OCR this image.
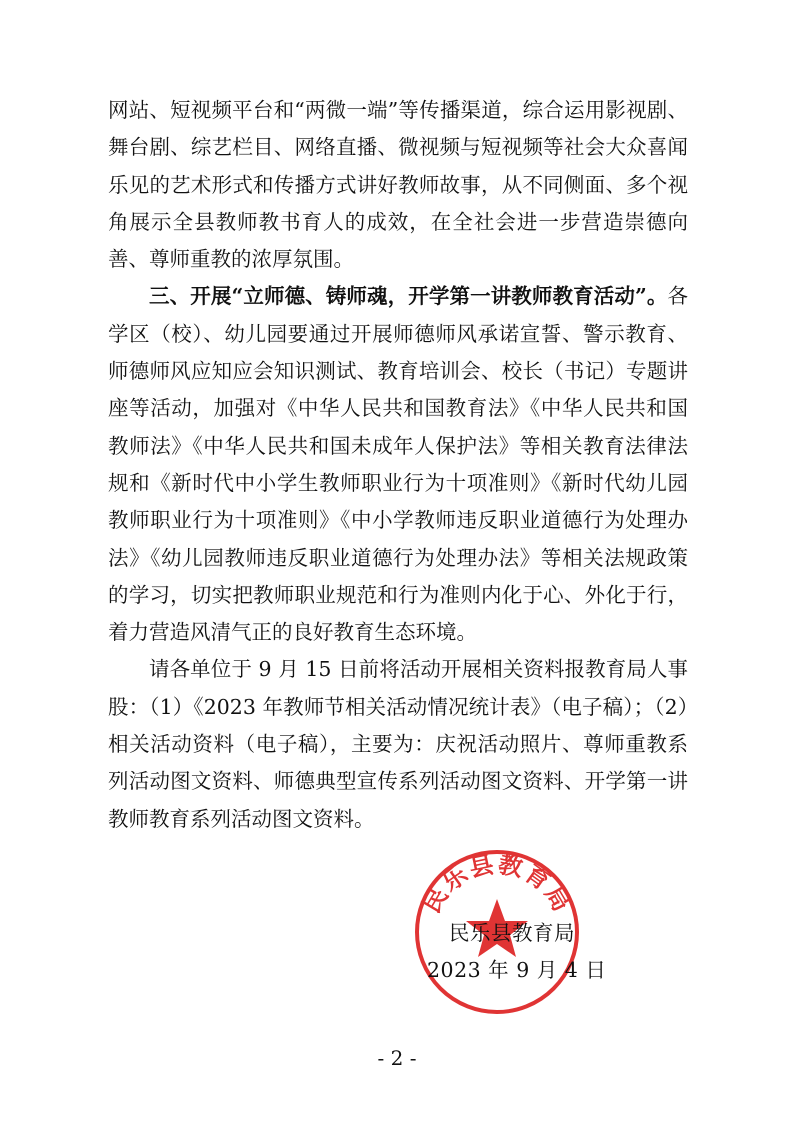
网站、短视频平台和“两微一端”等传播渠道，综合运用影视剧、舞台剧、综艺栏目、网络直播、微视频与短视频等社会大众喜闻乐见的艺术形式和传播方式讲好教师故事，从不同侧面、多个视角展示全县教师教书育人的成效，在全社会进一步营造崇德向善、尊师重教的浓厚氛围。

三、开展“立师德、铸师魂，开学第一讲教师教育活动”。各学区（校）、幼儿园要通过开展师德师风承诺宣誓、警示教育、师德师风应知应会知识测试、教育培训会、校长（书记）专题讲座等活动，加强对《中华人民共和国教育法》《中华人民共和国教师法》《中华人民共和国未成年人保护法》等相关教育法律法规和《新时代中小学生教师职业行为十项准则》《新时代幼儿园教师职业行为十项准则》《中小学教师违反职业道德行为处理办法》《幼儿园教师违反职业道德行为处理办法》等相关法规政策的学习，切实把教师职业规范和行为准则内化于心、外化于行，着力营造风清气正的良好教育生态环境。

请各单位于 9 月 15 日前将活动开展相关资料报教育局人事股：（1）《2023 年教师节相关活动情况统计表》（电子稿）；（2）相关活动资料（电子稿），主要为：庆祝活动照片、尊师重教系列活动图文资料、师德典型宣传系列活动图文资料、开学第一讲教师教育系列活动图文资料。

民乐县教育局
民乐县教育局
2023 年 9 月 4 日
- 2 -
